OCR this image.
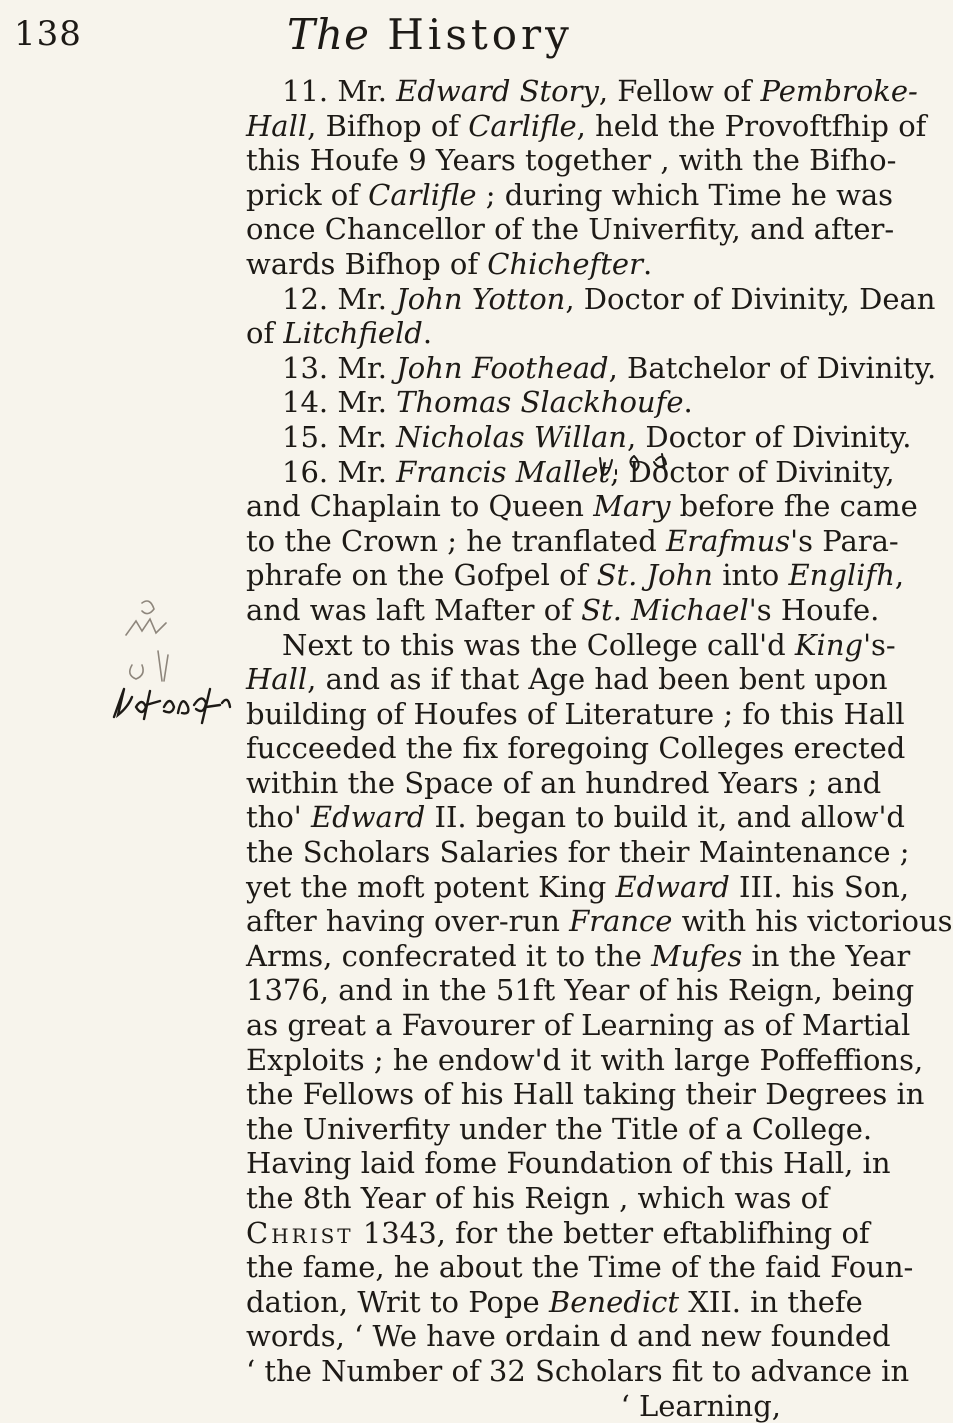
138	The History
11. Mr. Edward Story, Fellow of Pembroke-
Hall, Bifhop of Carlifle, held the Provoftfhip of
this Houfe 9 Years together , with the Bifho-
prick of Carlifle ; during which Time he was
once Chancellor of the Univerfity, and after-
wards Bifhop of Chichefter.
12. Mr. John Yotton, Doctor of Divinity, Dean
of Litchfield.
13. Mr. John Foothead, Batchelor of Divinity.
14. Mr. Thomas Slackhoufe.
15. Mr. Nicholas Willan, Doctor of Divinity.
16. Mr. Francis Mallet, Doctor of Divinity,
and Chaplain to Queen Mary before fhe came
to the Crown ; he tranflated Erafmus's Para-
phrafe on the Gofpel of St. John into Englifh,
and was laft Mafter of St. Michael's Houfe.
Next to this was the College call'd King's-
Hall, and as if that Age had been bent upon
building of Houfes of Literature ; fo this Hall
fucceeded the fix foregoing Colleges erected
within the Space of an hundred Years ; and
tho' Edward II. began to build it, and allow'd
the Scholars Salaries for their Maintenance ;
yet the moft potent King Edward III. his Son,
after having over-run France with his victorious
Arms, confecrated it to the Mufes in the Year
1376, and in the 51ft Year of his Reign, being
as great a Favourer of Learning as of Martial
Exploits ; he endow'd it with large Poffeffions,
the Fellows of his Hall taking their Degrees in
the Univerfity under the Title of a College.
Having laid fome Foundation of this Hall, in
the 8th Year of his Reign , which was of
Christ 1343, for the better eftablifhing of
the fame, he about the Time of the faid Foun-
dation, Writ to Pope Benedict XII. in thefe
words, ‘ We have ordain d and new founded
‘ the Number of 32 Scholars fit to advance in
‘ Learning,
